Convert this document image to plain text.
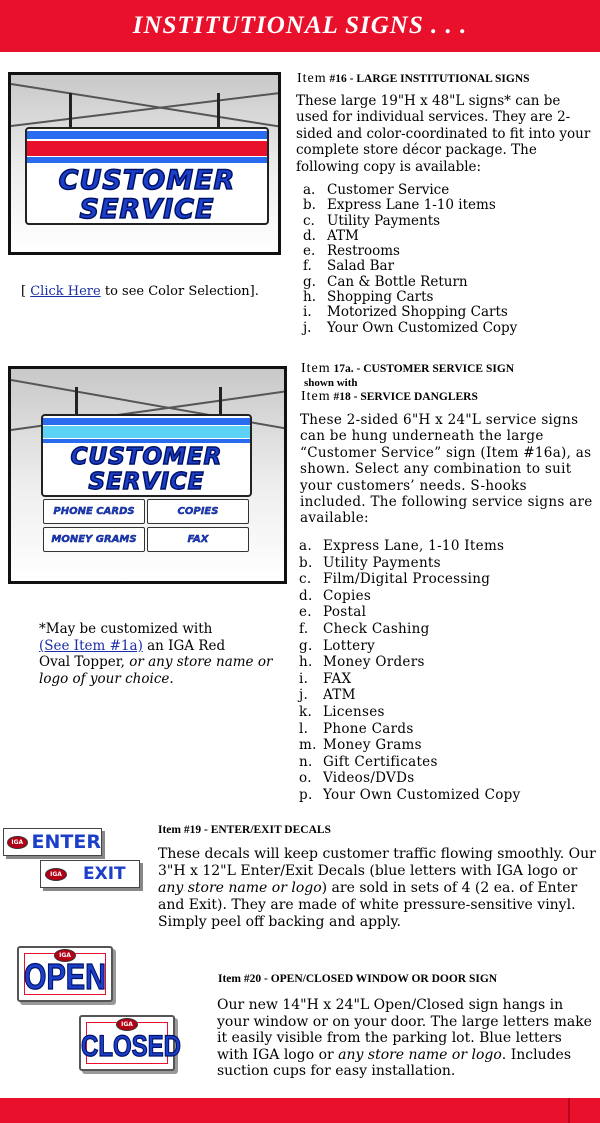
INSTITUTIONAL SIGNS . . .
CUSTOMER
SERVICE
Item #16 - LARGE INSTITUTIONAL SIGNS
These large 19"H x 48"L signs* can be used for individual services. They are 2-sided and color-coordinated to fit into your complete store décor package. The following copy is available:
a. Customer Service
b. Express Lane 1-10 items
c. Utility Payments
d. ATM
e. Restrooms
f.	Salad Bar
g. Can & Bottle Return
h. Shopping Carts
i.	Motorized Shopping Carts
j.	Your Own Customized Copy
[ Click Here to see Color Selection].
CUSTOMER
SERVICE
PHONE CARDS	COPIES
MONEY GRAMS	FAX
Item 17a. - CUSTOMER SERVICE SIGN
shown with
Item #18 - SERVICE DANGLERS
These 2-sided 6"H x 24"L service signs can be hung underneath the large “Customer Service” sign (Item #16a), as shown. Select any combination to suit your customers’ needs. S-hooks included. The following service signs are available:
a. Express Lane, 1-10 Items
b. Utility Payments
c. Film/Digital Processing
d. Copies
e. Postal
f.	Check Cashing
g. Lottery
h. Money Orders
i.	FAX
j.	ATM
k. Licenses
l.	Phone Cards
m. Money Grams
n. Gift Certificates
o. Videos/DVDs
p. Your Own Customized Copy
*May be customized with
(See Item #1a) an IGA Red
Oval Topper, or any store name or logo of your choice.
IGA ENTER
IGA EXIT
Item #19 - ENTER/EXIT DECALS
These decals will keep customer traffic flowing smoothly. Our 3"H x 12"L Enter/Exit Decals (blue letters with IGA logo or any store name or logo) are sold in sets of 4 (2 ea. of Enter and Exit). They are made of white pressure-sensitive vinyl. Simply peel off backing and apply.
IGA
OPEN
IGA
CLOSED
Item #20 - OPEN/CLOSED WINDOW OR DOOR SIGN
Our new 14"H x 24"L Open/Closed sign hangs in your window or on your door. The large letters make it easily visible from the parking lot. Blue letters with IGA logo or any store name or logo. Includes suction cups for easy installation.
